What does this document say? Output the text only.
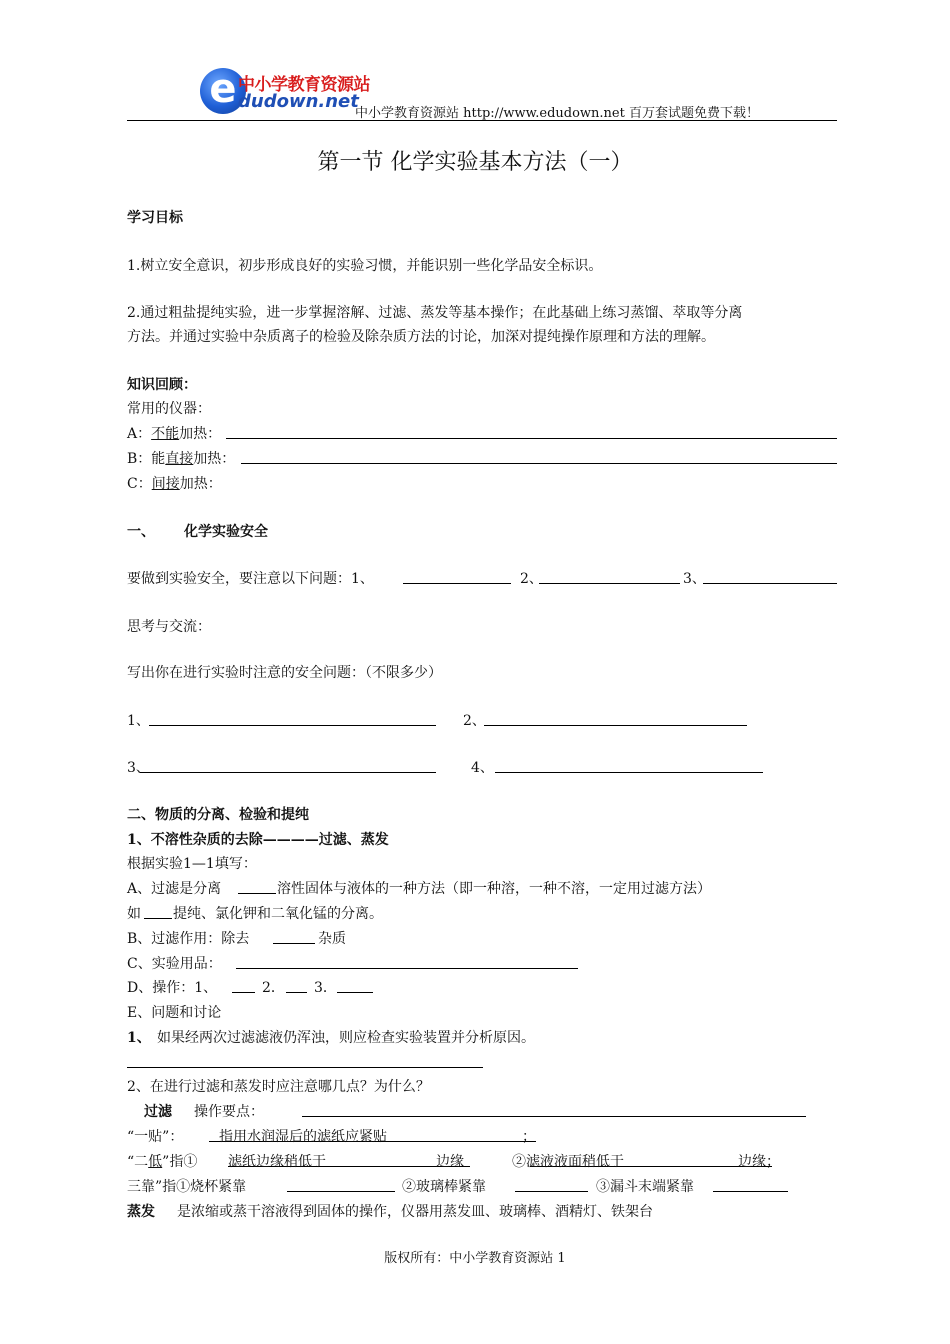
e 中小学教育资源站
dudown.net
中小学教育资源站 http://www.edudown.net 百万套试题免费下载！
第一节 化学实验基本方法（一）
学习目标
1.树立安全意识，初步形成良好的实验习惯，并能识别一些化学品安全标识。
2.通过粗盐提纯实验，进一步掌握溶解、过滤、蒸发等基本操作；在此基础上练习蒸馏、萃取等分离
方法。并通过实验中杂质离子的检验及除杂质方法的讨论，加深对提纯操作原理和方法的理解。
知识回顾：
常用的仪器：
A：不能加热：
B：能直接加热：
C：间接加热：
一、 化学实验安全
要做到实验安全，要注意以下问题：1、	2、	3、
思考与交流：
写出你在进行实验时注意的安全问题：（不限多少）
1、	2、
3、	4、
二、物质的分离、检验和提纯
1、不溶性杂质的去除————过滤、蒸发
根据实验1—1填写：
A、过滤是分离	溶性固体与液体的一种方法（即一种溶，一种不溶，一定用过滤方法）
如 提纯、氯化钾和二氧化锰的分离。
B、过滤作用：除去	杂质
C、实验用品：
D、操作：1、	2． 3．
E、问题和讨论
1、 如果经两次过滤滤液仍浑浊，则应检查实验装置并分析原因。
2、在进行过滤和蒸发时应注意哪几点？为什么？
过滤 操作要点：
“一贴”：	指用水润湿后的滤纸应紧贴	；
“二低”指① 滤纸边缘稍低于	边缘	②滤液液面稍低于	边缘；
三靠”指①烧杯紧靠	②玻璃棒紧靠	③漏斗末端紧靠
蒸发 是浓缩或蒸干溶液得到固体的操作，仪器用蒸发皿、玻璃棒、酒精灯、铁架台
版权所有：中小学教育资源站 1
